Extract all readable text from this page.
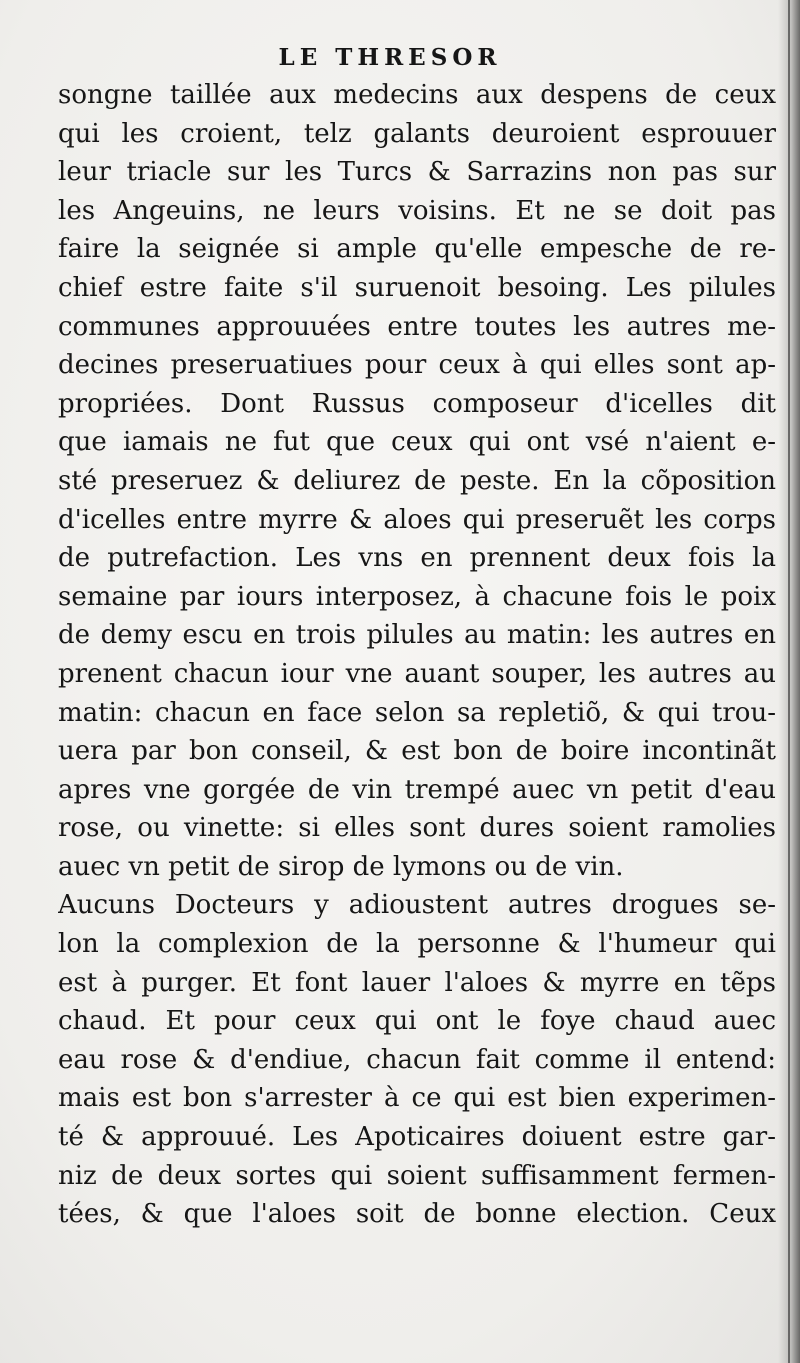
LE THRESOR
songne taillée aux medecins aux despens de ceux
qui les croient, telz galants deuroient esprouuer
leur triacle sur les Turcs & Sarrazins non pas sur
les Angeuins, ne leurs voisins. Et ne se doit pas
faire la seignée si ample qu'elle empesche de re-
chief estre faite s'il suruenoit besoing. Les pilules
communes approuuées entre toutes les autres me-
decines preseruatiues pour ceux à qui elles sont ap-
propriées. Dont Russus composeur d'icelles dit
que iamais ne fut que ceux qui ont vsé n'aient e-
sté preseruez & deliurez de peste. En la cõposition
d'icelles entre myrre & aloes qui preseruẽt les corps
de putrefaction. Les vns en prennent deux fois la
semaine par iours interposez, à chacune fois le poix
de demy escu en trois pilules au matin: les autres en
prenent chacun iour vne auant souper, les autres au
matin: chacun en face selon sa repletiõ, & qui trou-
uera par bon conseil, & est bon de boire incontinãt
apres vne gorgée de vin trempé auec vn petit d'eau
rose, ou vinette: si elles sont dures soient ramolies
auec vn petit de sirop de lymons ou de vin.
Aucuns Docteurs y adioustent autres drogues se-
lon la complexion de la personne & l'humeur qui
est à purger. Et font lauer l'aloes & myrre en tẽps
chaud. Et pour ceux qui ont le foye chaud auec
eau rose & d'endiue, chacun fait comme il entend:
mais est bon s'arrester à ce qui est bien experimen-
té & approuué. Les Apoticaires doiuent estre gar-
niz de deux sortes qui soient suffisamment fermen-
tées, & que l'aloes soit de bonne election. Ceux
